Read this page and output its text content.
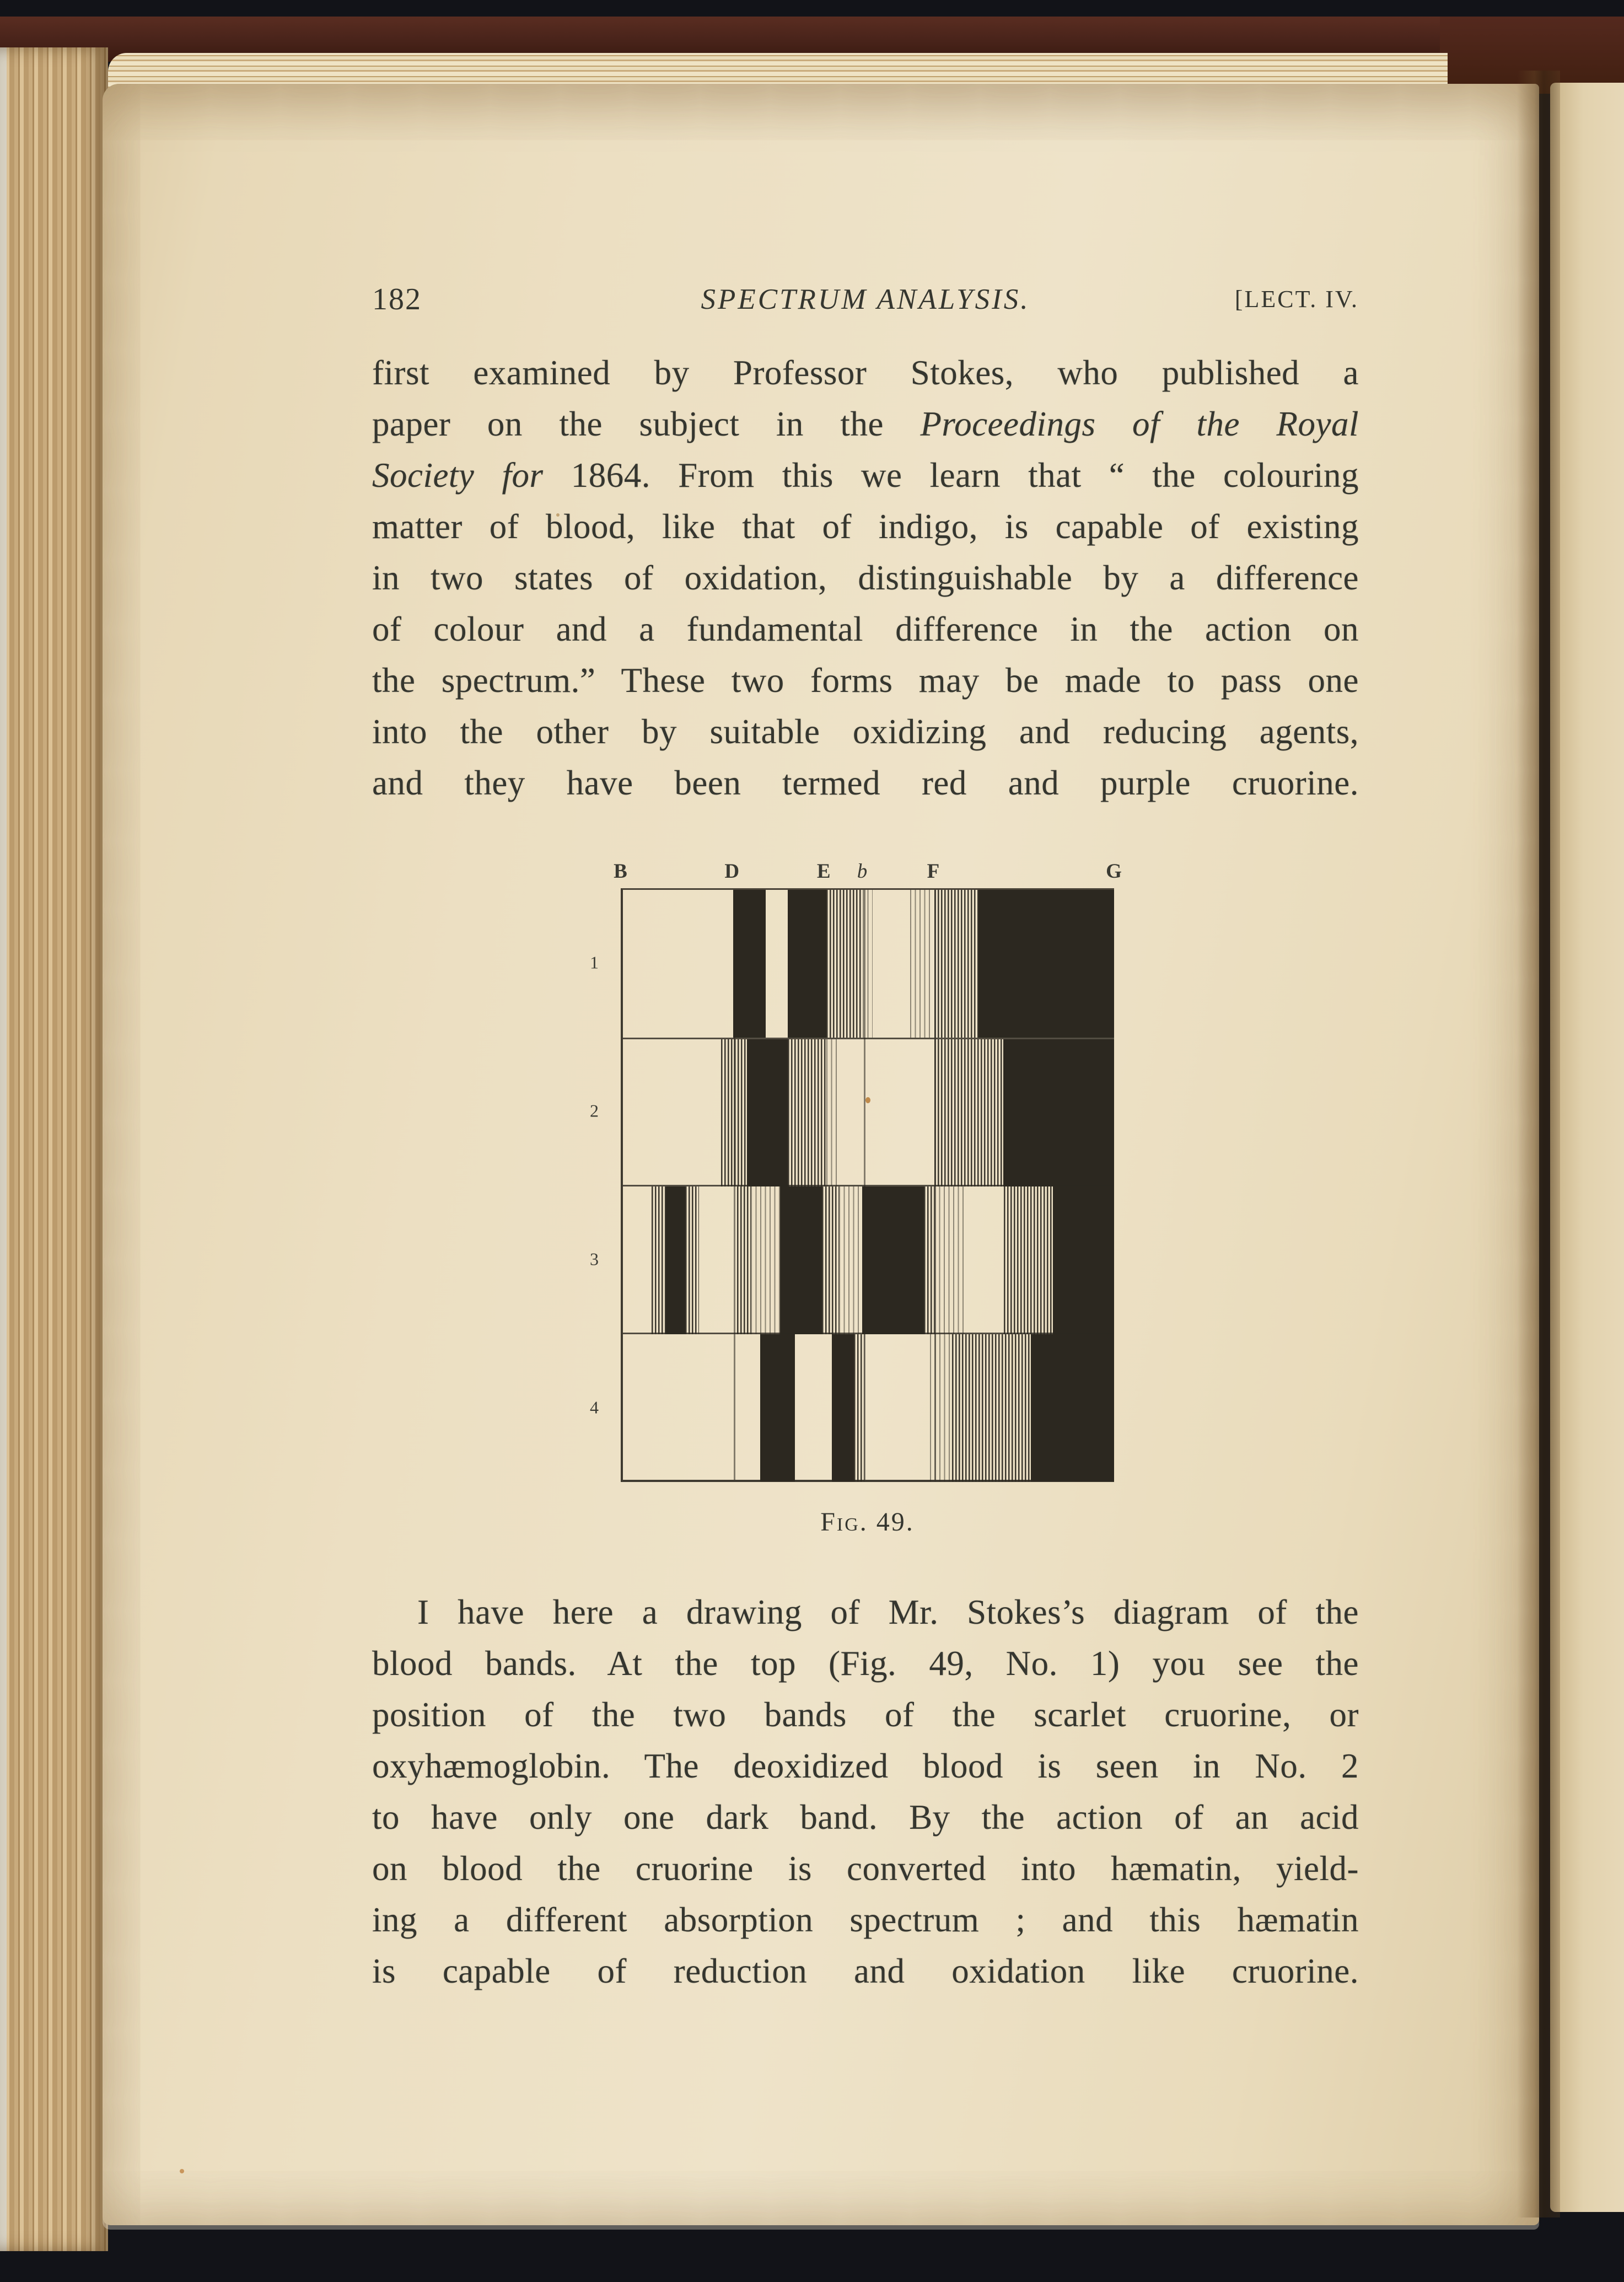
182	SPECTRUM ANALYSIS.	[LECT. IV.
first examined by Professor Stokes, who published a
paper on the subject in the Proceedings of the Royal
Society for 1864. From this we learn that “ the colouring
matter of blood, like that of indigo, is capable of existing
in two states of oxidation, distinguishable by a difference
of colour and a fundamental difference in the action on
the spectrum.” These two forms may be made to pass one
into the other by suitable oxidizing and reducing agents,
and they have been termed red and purple cruorine.
B	D	E b	F	G
1
2
3
4
Fig. 49.
I have here a drawing of Mr. Stokes’s diagram of the
blood bands. At the top (Fig. 49, No. 1) you see the
position of the two bands of the scarlet cruorine, or
oxyhæmoglobin. The deoxidized blood is seen in No. 2
to have only one dark band. By the action of an acid
on blood the cruorine is converted into hæmatin, yield-
ing a different absorption spectrum ; and this hæmatin
is capable of reduction and oxidation like cruorine.
